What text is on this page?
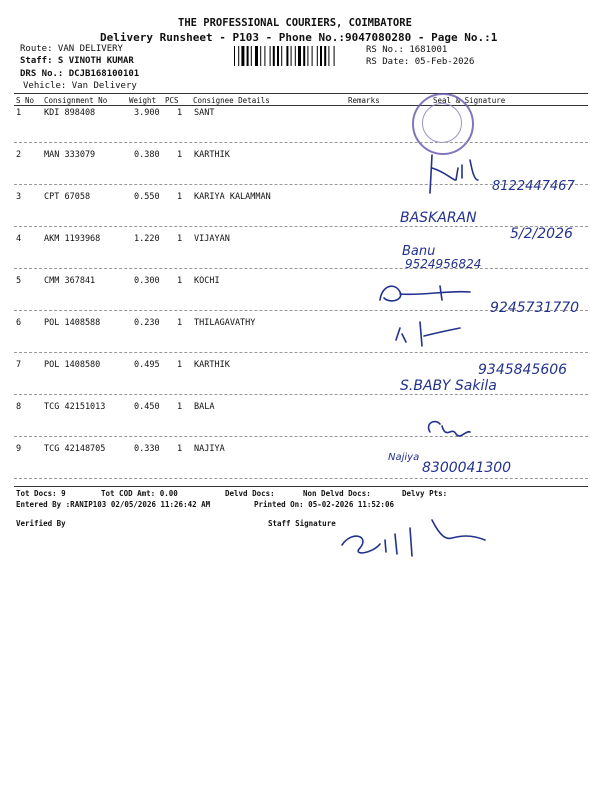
THE PROFESSIONAL COURIERS, COIMBATORE
Delivery Runsheet - P103 - Phone No.:9047080280 - Page No.:1
Route: VAN DELIVERY
Staff: S VINOTH KUMAR
DRS No.: DCJB168100101
Vehicle: Van Delivery
RS No.: 1681001
RS Date: 05-Feb-2026
S No Consignment No	Weight PCS Consignee Details	Remarks	Seal & Signature
1	KDI 898408	3.900 1 SANT
2	MAN 333079	0.380 1 KARTHIK
3	CPT 67058	0.550 1 KARIYA KALAMMAN
4	AKM 1193968	1.220 1 VIJAYAN
5	CMM 367841	0.300 1 KOCHI
6	POL 1408588	0.230 1 THILAGAVATHY
7	POL 1408580	0.495 1 KARTHIK
8	TCG 42151013	0.450 1 BALA
9	TCG 42148705	0.330 1 NAJIYA
8122447467
BASKARAN
5/2/2026
Banu
9524956824
9245731770
9345845606
S.BABY Sakila
Najiya
8300041300
Tot Docs: 9	Tot COD Amt: 0.00	Delvd Docs:	Non Delvd Docs:	Delvy Pts:
Entered By :RANIP103 02/05/2026 11:26:42 AM	Printed On: 05-02-2026 11:52:06
Verified By	Staff Signature
